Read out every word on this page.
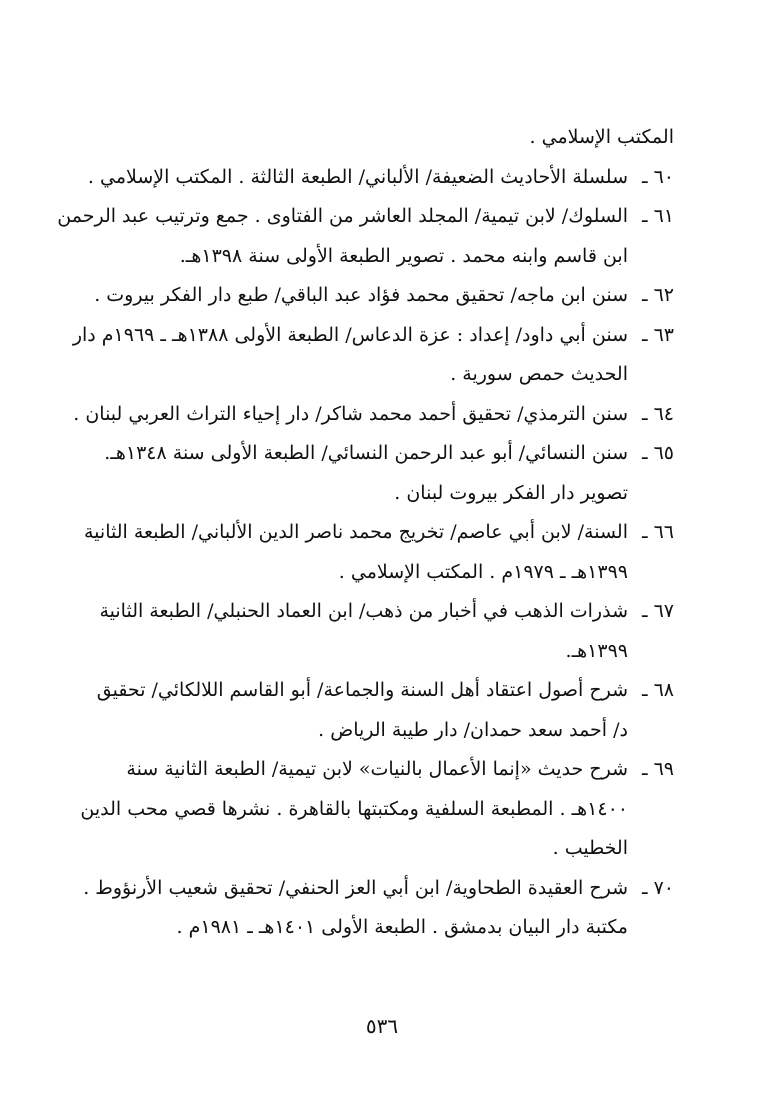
المكتب الإسلامي .
٦٠ ـ
سلسلة الأحاديث الضعيفة/ الألباني/ الطبعة الثالثة . المكتب الإسلامي .
٦١ ـ
السلوك/ لابن تيمية/ المجلد العاشر من الفتاوى . جمع وترتيب عبد الرحمن
ابن قاسم وابنه محمد . تصوير الطبعة الأولى سنة ١٣٩٨هـ.
٦٢ ـ
سنن ابن ماجه/ تحقيق محمد فؤاد عبد الباقي/ طبع دار الفكر بيروت .
٦٣ ـ
سنن أبي داود/ إعداد : عزة الدعاس/ الطبعة الأولى ١٣٨٨هـ ـ ١٩٦٩م دار
الحديث حمص سورية .
٦٤ ـ
سنن الترمذي/ تحقيق أحمد محمد شاكر/ دار إحياء التراث العربي لبنان .
٦٥ ـ
سنن النسائي/ أبو عبد الرحمن النسائي/ الطبعة الأولى سنة ١٣٤٨هـ.
تصوير دار الفكر بيروت لبنان .
٦٦ ـ
السنة/ لابن أبي عاصم/ تخريج محمد ناصر الدين الألباني/ الطبعة الثانية
١٣٩٩هـ ـ ١٩٧٩م . المكتب الإسلامي .
٦٧ ـ
شذرات الذهب في أخبار من ذهب/ ابن العماد الحنبلي/ الطبعة الثانية
١٣٩٩هـ.
٦٨ ـ
شرح أصول اعتقاد أهل السنة والجماعة/ أبو القاسم اللالكائي/ تحقيق
د/ أحمد سعد حمدان/ دار طيبة الرياض .
٦٩ ـ
شرح حديث «إنما الأعمال بالنيات» لابن تيمية/ الطبعة الثانية سنة
١٤٠٠هـ . المطبعة السلفية ومكتبتها بالقاهرة . نشرها قصي محب الدين
الخطيب .
٧٠ ـ
شرح العقيدة الطحاوية/ ابن أبي العز الحنفي/ تحقيق شعيب الأرنؤوط .
مكتبة دار البيان بدمشق . الطبعة الأولى ١٤٠١هـ ـ ١٩٨١م .
٥٣٦
